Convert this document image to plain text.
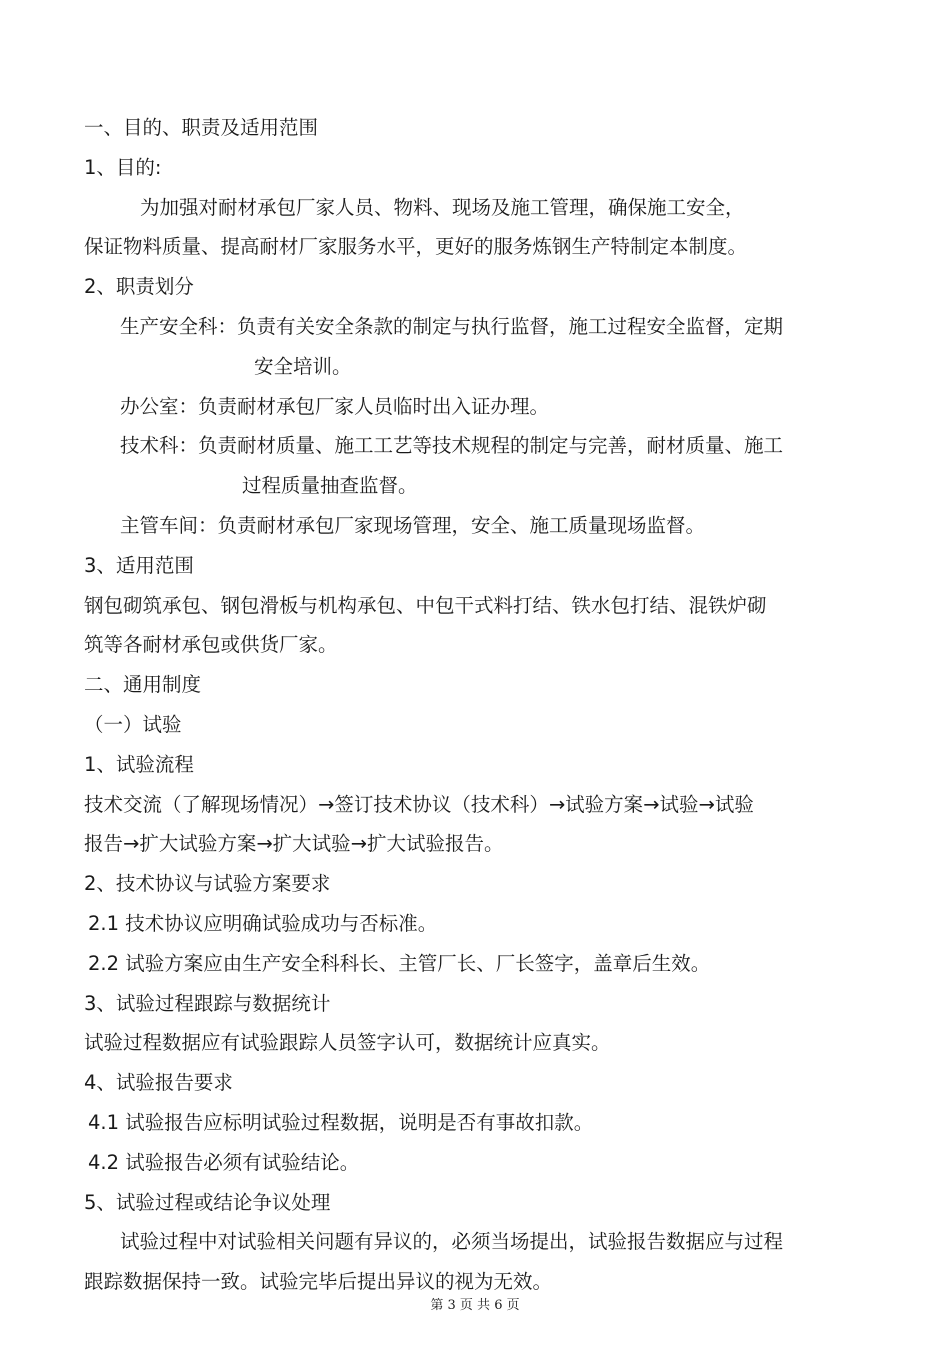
一、目的、职责及适用范围
1、目的:
为加强对耐材承包厂家人员、物料、现场及施工管理，确保施工安全，
保证物料质量、提高耐材厂家服务水平，更好的服务炼钢生产特制定本制度。
2、职责划分
生产安全科：负责有关安全条款的制定与执行监督，施工过程安全监督，定期
安全培训。
办公室：负责耐材承包厂家人员临时出入证办理。
技术科：负责耐材质量、施工工艺等技术规程的制定与完善，耐材质量、施工
过程质量抽查监督。
主管车间：负责耐材承包厂家现场管理，安全、施工质量现场监督。
3、适用范围
钢包砌筑承包、钢包滑板与机构承包、中包干式料打结、铁水包打结、混铁炉砌
筑等各耐材承包或供货厂家。
二、通用制度
（一）试验
1、试验流程
技术交流（了解现场情况）→签订技术协议（技术科）→试验方案→试验→试验
报告→扩大试验方案→扩大试验→扩大试验报告。
2、技术协议与试验方案要求
2.1 技术协议应明确试验成功与否标准。
2.2 试验方案应由生产安全科科长、主管厂长、厂长签字，盖章后生效。
3、试验过程跟踪与数据统计
试验过程数据应有试验跟踪人员签字认可，数据统计应真实。
4、试验报告要求
4.1 试验报告应标明试验过程数据，说明是否有事故扣款。
4.2 试验报告必须有试验结论。
5、试验过程或结论争议处理
试验过程中对试验相关问题有异议的，必须当场提出，试验报告数据应与过程
跟踪数据保持一致。试验完毕后提出异议的视为无效。
第 3 页 共 6 页
